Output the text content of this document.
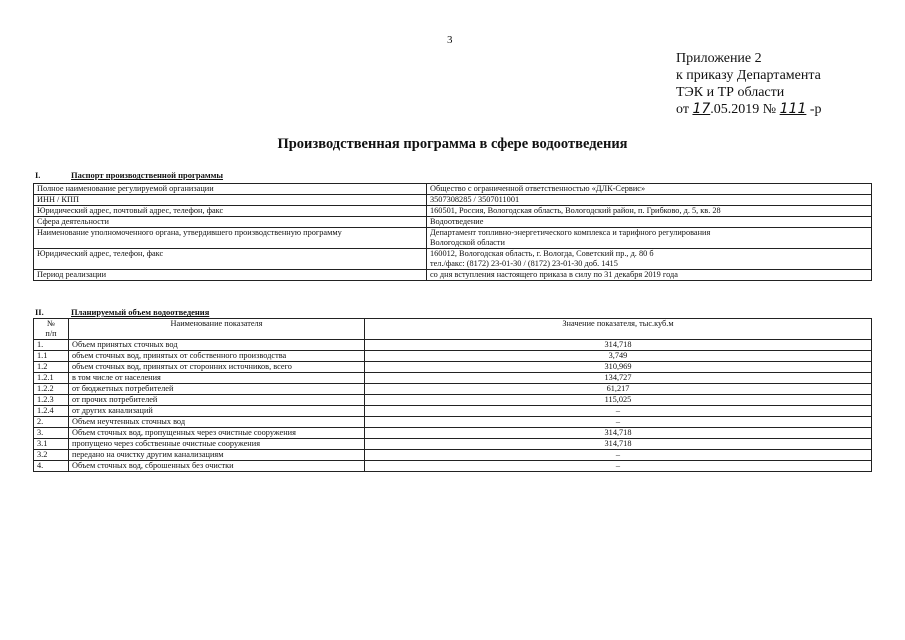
3
Приложение 2
к приказу Департамента
ТЭК и ТР области
от 17.05.2019 № 111 -р
Производственная программа в сфере водоотведения
I.	Паспорт производственной программы
Полное наименование регулируемой организации	Общество с ограниченной ответственностью «ДЛК-Сервис»

ИНН / КПП	3507308285 / 3507011001

Юридический адрес, почтовый адрес, телефон, факс	160501, Россия, Вологодская область, Вологодский район, п. Грибково, д. 5, кв. 28

Сфера деятельности	Водоотведение

Наименование уполномоченного органа, утвердившего производственную программу	Департамент топливно-энергетического комплекса и тарифного регулирования
Вологодской области

Юридический адрес, телефон, факс	160012, Вологодская область, г. Вологда, Советский пр., д. 80 б
тел./факс: (8172) 23-01-30 / (8172) 23-01-30 доб. 1415

Период реализации	со дня вступления настоящего приказа в силу по 31 декабря 2019 года
II.	Планируемый объем водоотведения
№
п/п	Наименование показателя	Значение показателя, тыс.куб.м
1.	Объем принятых сточных вод	314,718
1.1	объем сточных вод, принятых от собственного производства	3,749
1.2	объем сточных вод, принятых от сторонних источников, всего	310,969
1.2.1	в том числе от населения	134,727
1.2.2	от бюджетных потребителей	61,217
1.2.3	от прочих потребителей	115,025
1.2.4	от других канализаций	–
2.	Объем неучтенных сточных вод	–
3.	Объем сточных вод, пропущенных через очистные сооружения	314,718
3.1	пропущено через собственные очистные сооружения	314,718
3.2	передано на очистку другим канализациям	–
4.	Объем сточных вод, сброшенных без очистки	–
